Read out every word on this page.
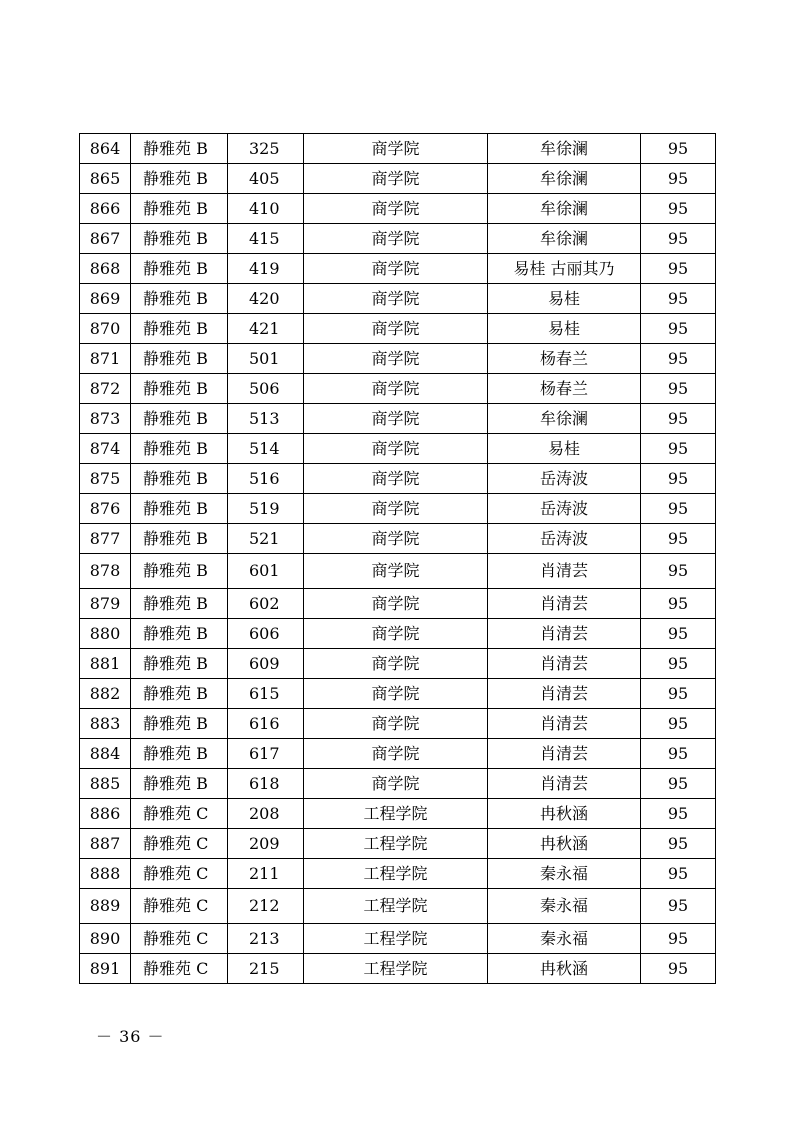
864	静雅苑 B	325	商学院	牟徐澜	95
865	静雅苑 B	405	商学院	牟徐澜	95
866	静雅苑 B	410	商学院	牟徐澜	95
867	静雅苑 B	415	商学院	牟徐澜	95
868	静雅苑 B	419	商学院	易桂 古丽其乃	95
869	静雅苑 B	420	商学院	易桂	95
870	静雅苑 B	421	商学院	易桂	95
871	静雅苑 B	501	商学院	杨春兰	95
872	静雅苑 B	506	商学院	杨春兰	95
873	静雅苑 B	513	商学院	牟徐澜	95
874	静雅苑 B	514	商学院	易桂	95
875	静雅苑 B	516	商学院	岳涛波	95
876	静雅苑 B	519	商学院	岳涛波	95
877	静雅苑 B	521	商学院	岳涛波	95
878	静雅苑 B	601	商学院	肖清芸	95
879	静雅苑 B	602	商学院	肖清芸	95
880	静雅苑 B	606	商学院	肖清芸	95
881	静雅苑 B	609	商学院	肖清芸	95
882	静雅苑 B	615	商学院	肖清芸	95
883	静雅苑 B	616	商学院	肖清芸	95
884	静雅苑 B	617	商学院	肖清芸	95
885	静雅苑 B	618	商学院	肖清芸	95
886	静雅苑 C	208	工程学院	冉秋涵	95
887	静雅苑 C	209	工程学院	冉秋涵	95
888	静雅苑 C	211	工程学院	秦永福	95
889	静雅苑 C	212	工程学院	秦永福	95
890	静雅苑 C	213	工程学院	秦永福	95
891	静雅苑 C	215	工程学院	冉秋涵	95
－ 36 －
